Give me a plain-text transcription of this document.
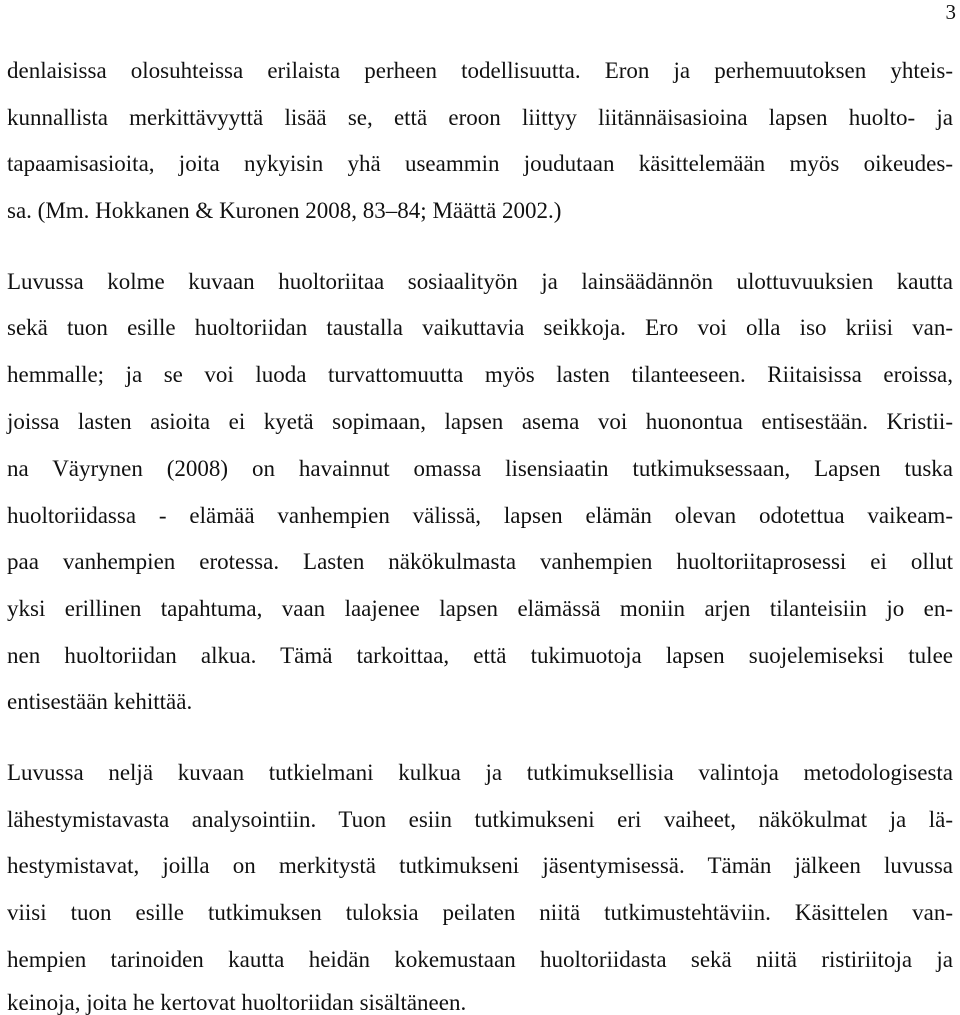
3
denlaisissa olosuhteissa erilaista perheen todellisuutta. Eron ja perhemuutoksen yhteis-
kunnallista merkittävyyttä lisää se, että eroon liittyy liitännäisasioina lapsen huolto- ja
tapaamisasioita, joita nykyisin yhä useammin joudutaan käsittelemään myös oikeudes-
sa. (Mm. Hokkanen & Kuronen 2008, 83–84; Määttä 2002.)
Luvussa kolme kuvaan huoltoriitaa sosiaalityön ja lainsäädännön ulottuvuuksien kautta
sekä tuon esille huoltoriidan taustalla vaikuttavia seikkoja. Ero voi olla iso kriisi van-
hemmalle; ja se voi luoda turvattomuutta myös lasten tilanteeseen. Riitaisissa eroissa,
joissa lasten asioita ei kyetä sopimaan, lapsen asema voi huonontua entisestään. Kristii-
na Väyrynen (2008) on havainnut omassa lisensiaatin tutkimuksessaan, Lapsen tuska
huoltoriidassa - elämää vanhempien välissä, lapsen elämän olevan odotettua vaikeam-
paa vanhempien erotessa. Lasten näkökulmasta vanhempien huoltoriitaprosessi ei ollut
yksi erillinen tapahtuma, vaan laajenee lapsen elämässä moniin arjen tilanteisiin jo en-
nen huoltoriidan alkua. Tämä tarkoittaa, että tukimuotoja lapsen suojelemiseksi tulee
entisestään kehittää.
Luvussa neljä kuvaan tutkielmani kulkua ja tutkimuksellisia valintoja metodologisesta
lähestymistavasta analysointiin. Tuon esiin tutkimukseni eri vaiheet, näkökulmat ja lä-
hestymistavat, joilla on merkitystä tutkimukseni jäsentymisessä. Tämän jälkeen luvussa
viisi tuon esille tutkimuksen tuloksia peilaten niitä tutkimustehtäviin. Käsittelen van-
hempien tarinoiden kautta heidän kokemustaan huoltoriidasta sekä niitä ristiriitoja ja
keinoja, joita he kertovat huoltoriidan sisältäneen.
